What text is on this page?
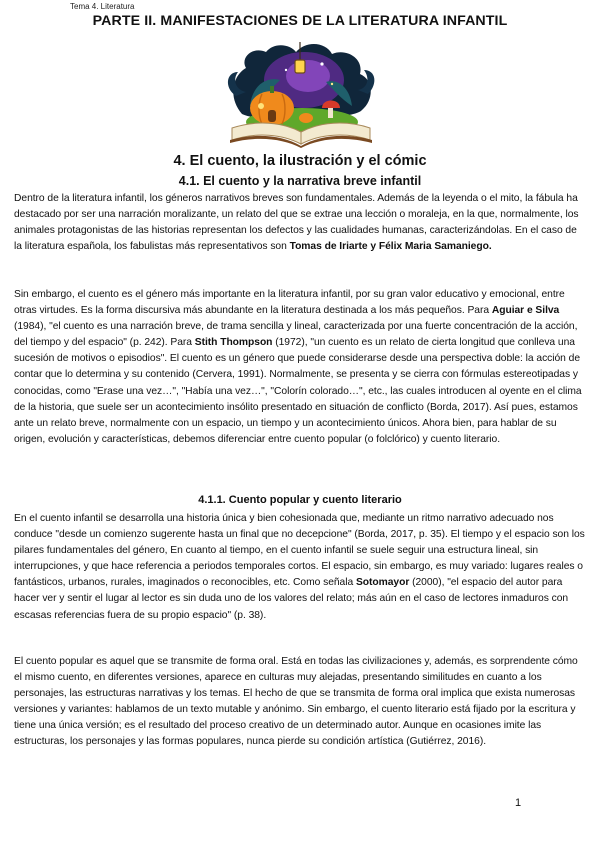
Tema 4. Literatura
PARTE II. MANIFESTACIONES DE LA LITERATURA INFANTIL
4. El cuento, la ilustración y el cómic
4.1. El cuento y la narrativa breve infantil

Dentro de la literatura infantil, los géneros narrativos breves son fundamentales. Además de la leyenda o el mito, la fábula ha destacado por ser una narración moralizante, un relato del que se extrae una lección o moraleja, en la que, normalmente, los animales protagonistas de las historias representan los defectos y las cualidades humanas, caracterizándolas. En el caso de la literatura española, los fabulistas más representativos son Tomas de Iriarte y Félix Maria Samaniego.

Sin embargo, el cuento es el género más importante en la literatura infantil, por su gran valor educativo y emocional, entre otras virtudes. Es la forma discursiva más abundante en la literatura destinada a los más pequeños. Para Aguiar e Silva (1984), "el cuento es una narración breve, de trama sencilla y lineal, caracterizada por una fuerte concentración de la acción, del tiempo y del espacio" (p. 242). Para Stith Thompson (1972), "un cuento es un relato de cierta longitud que conlleva una sucesión de motivos o episodios". El cuento es un género que puede considerarse desde una perspectiva doble: la acción de contar que lo determina y su contenido (Cervera, 1991). Normalmente, se presenta y se cierra con fórmulas estereotipadas y conocidas, como "Erase una vez…", "Había una vez…", "Colorín colorado…", etc., las cuales introducen al oyente en el clima de la historia, que suele ser un acontecimiento insólito presentado en situación de conflicto (Borda, 2017). Así pues, estamos ante un relato breve, normalmente con un espacio, un tiempo y un acontecimiento únicos. Ahora bien, para hablar de su origen, evolución y características, debemos diferenciar entre cuento popular (o folclórico) y cuento literario.

4.1.1. Cuento popular y cuento literario

En el cuento infantil se desarrolla una historia única y bien cohesionada que, mediante un ritmo narrativo adecuado nos conduce "desde un comienzo sugerente hasta un final que no decepcione" (Borda, 2017, p. 35). El tiempo y el espacio son los pilares fundamentales del género, En cuanto al tiempo, en el cuento infantil se suele seguir una estructura lineal, sin interrupciones, y que hace referencia a periodos temporales cortos. El espacio, sin embargo, es muy variado: lugares reales o fantásticos, urbanos, rurales, imaginados o reconocibles, etc. Como señala Sotomayor (2000), "el espacio del autor para hacer ver y sentir el lugar al lector es sin duda uno de los valores del relato; más aún en el caso de lectores inmaduros con escasas referencias fuera de su propio espacio" (p. 38).

El cuento popular es aquel que se transmite de forma oral. Está en todas las civilizaciones y, además, es sorprendente cómo el mismo cuento, en diferentes versiones, aparece en culturas muy alejadas, presentando similitudes en cuanto a los personajes, las estructuras narrativas y los temas. El hecho de que se transmita de forma oral implica que exista numerosas versiones y variantes: hablamos de un texto mutable y anónimo. Sin embargo, el cuento literario está fijado por la escritura y tiene una única versión; es el resultado del proceso creativo de un determinado autor. Aunque en ocasiones imite las estructuras, los personajes y las formas populares, nunca pierde su condición artística (Gutiérrez, 2016).

1
